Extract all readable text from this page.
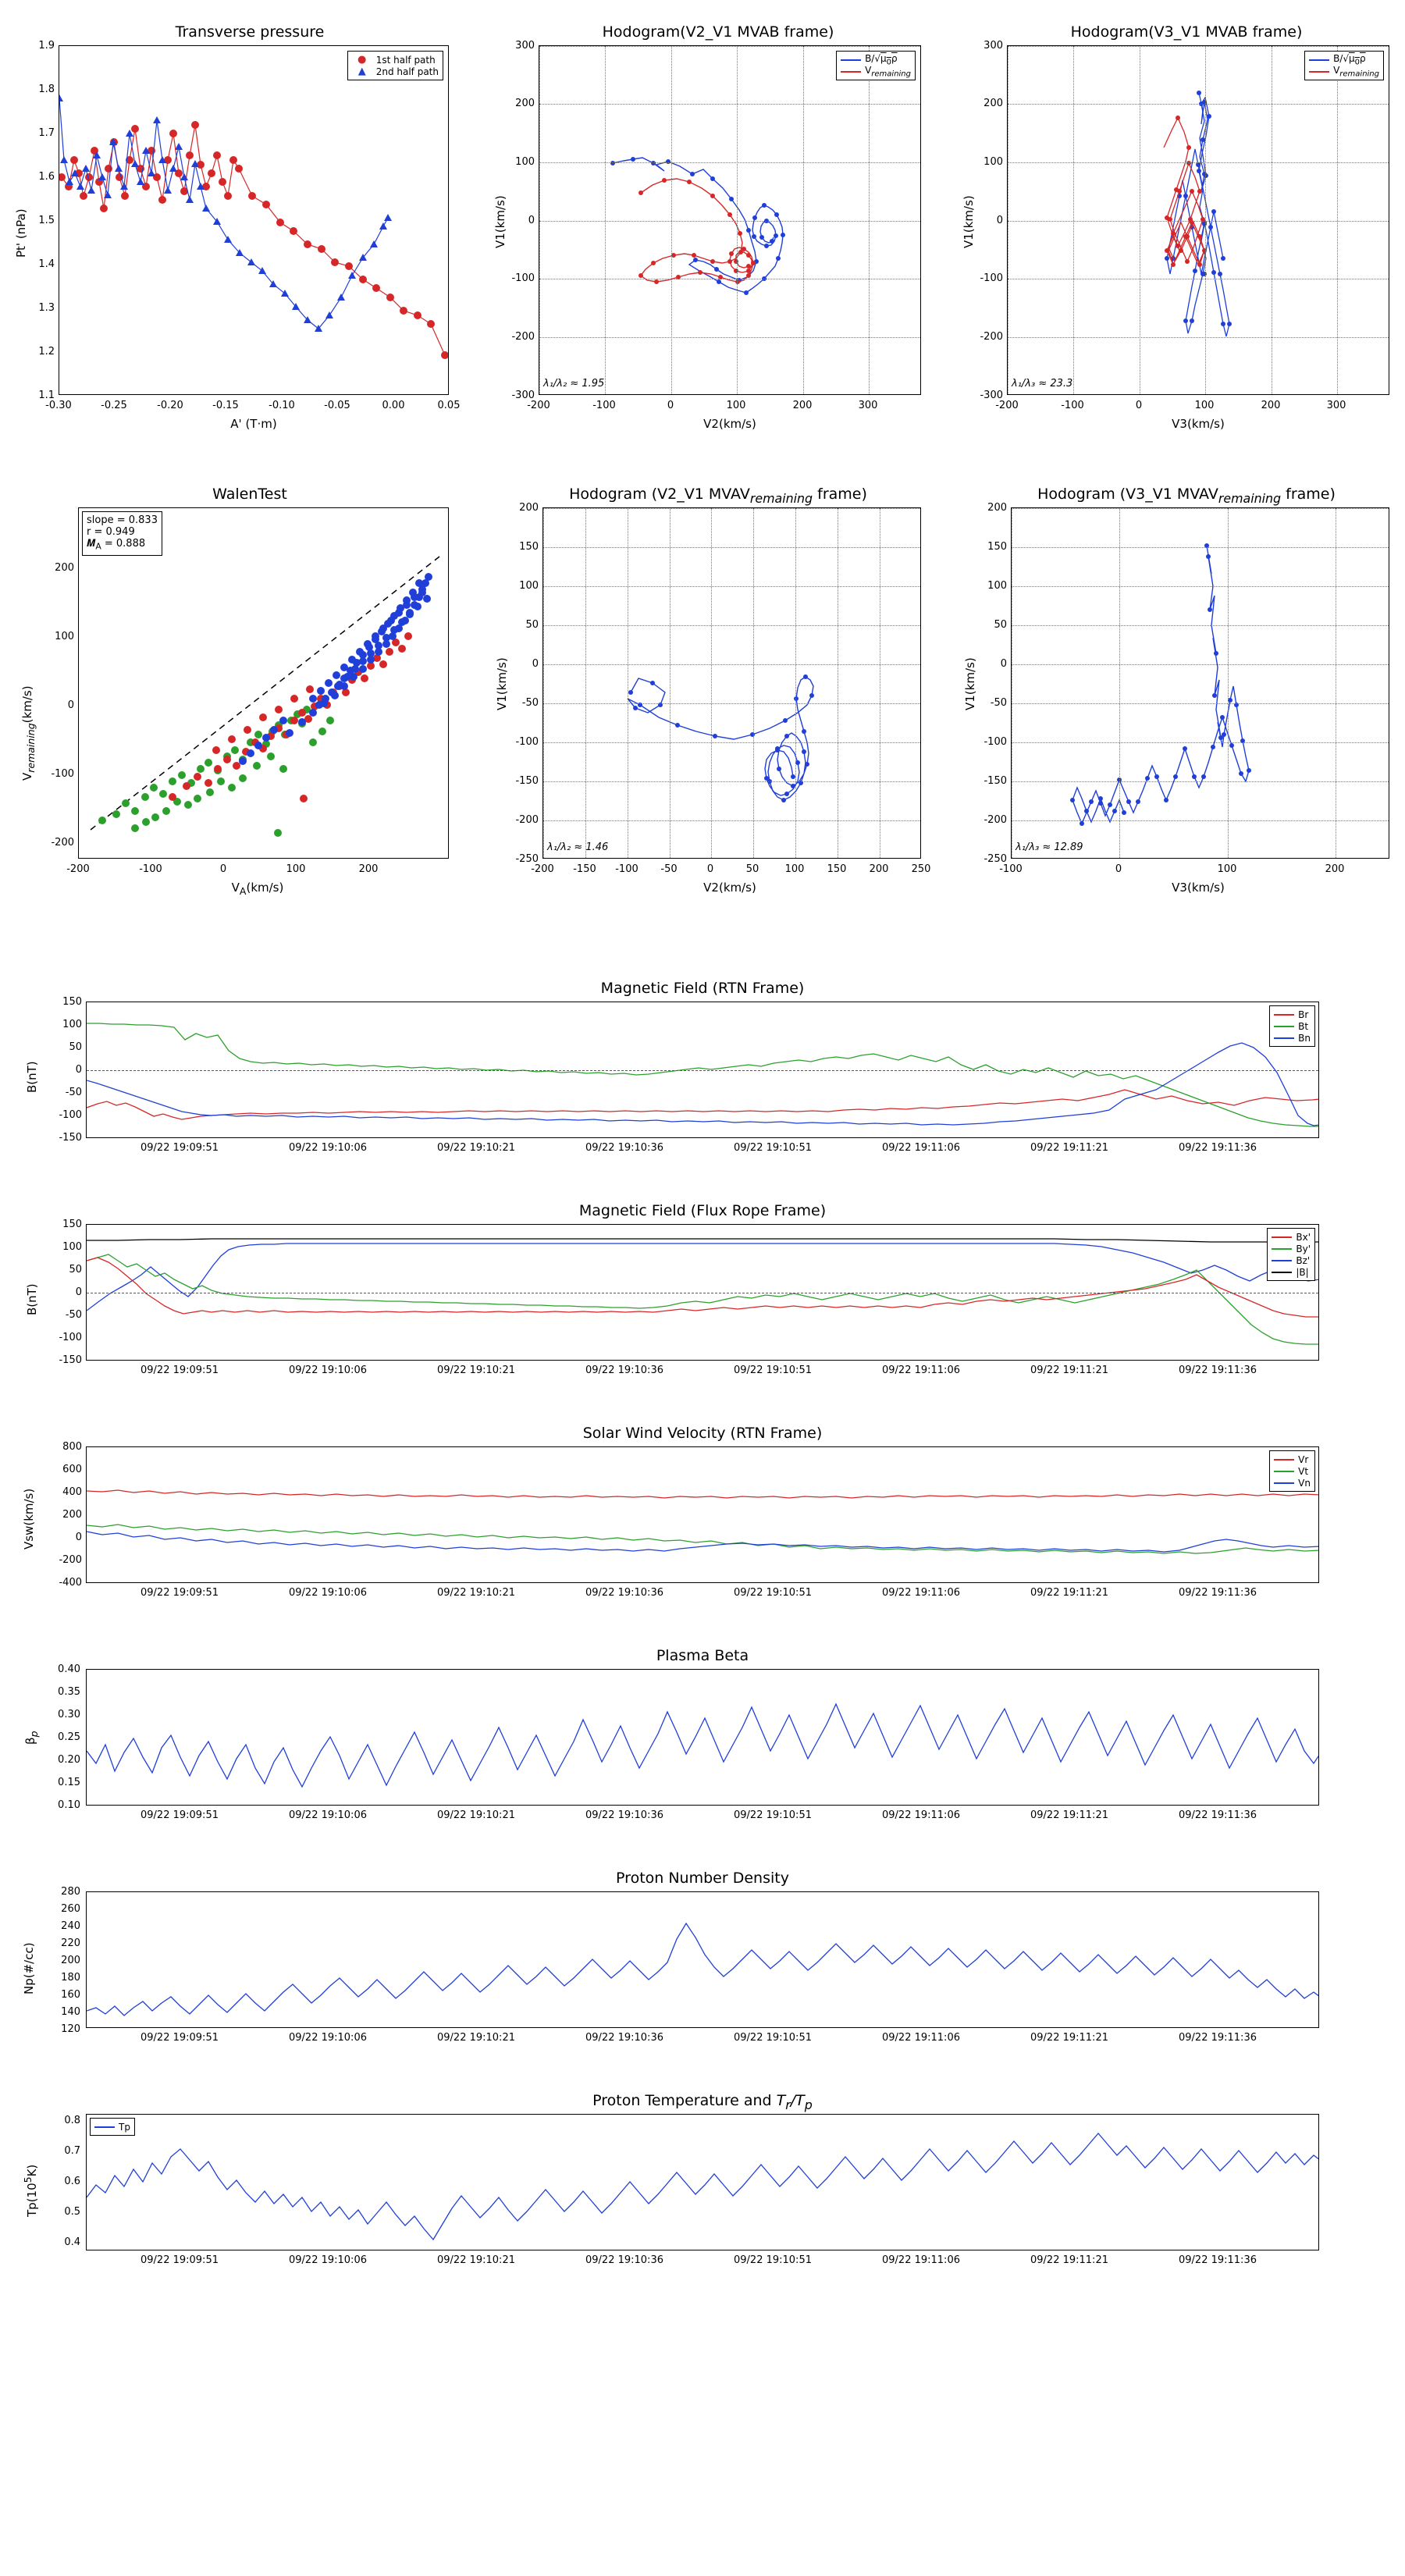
Transverse pressure
●	1st half path
▲	2nd half path
1.9
1.8
1.7
1.6
1.5
1.4
1.3
1.2
1.1
-0.30	-0.25	-0.20	-0.15	-0.10	-0.05	0.00	0.05
A' (T·m)
Pt' (nPa)
Hodogram(V2_V1 MVAB frame)
$B/√\mu_0\rho$
$V_{remaining}$
λ₁/λ₂ ≈ 1.95
300
200
100
0
-100
-200
-300
-200	-100	0	100	200	300
V2(km/s)
V1(km/s)
Hodogram(V3_V1 MVAB frame)
$B/√\mu_0\rho$
$V_{remaining}$
λ₁/λ₃ ≈ 23.3
300
200
100
0
-100
-200
-300
-200	-100	0	100	200	300
V3(km/s)
V1(km/s)
WalenTest
slope = 0.833
r = 0.949
𝑴$_A$ = 0.888
200
100
0
-100
-200
-200	-100	0	100	200
$V_A(km/s)$
$V_{remaining}(km/s)$
Hodogram (V2_V1 $MVAV_{remaining}$ frame)
λ₁/λ₂ ≈ 1.46
200
150
100
50
0
-50
-100
-150
-200
-250
-200	-150	-100	-50	0	50	100	150	200	250
V2(km/s)
V1(km/s)
Hodogram (V3_V1 $MVAV_{remaining}$ frame)
λ₁/λ₃ ≈ 12.89
200
150
100
50
0
-50
-100
-150
-200
-250
-100	0	100	200
V3(km/s)
V1(km/s)
Magnetic Field (RTN Frame)
Br
Bt
Bn
150
100
50
0
-50
-100
-150
B(nT)
09/22 19:09:51	09/22 19:10:06	09/22 19:10:21	09/22 19:10:36	09/22 19:10:51	09/22 19:11:06	09/22 19:11:21	09/22 19:11:36
Magnetic Field (Flux Rope Frame)
Bx'
By'
Bz'
|B|
150
100
50
0
-50
-100
-150
B(nT)
09/22 19:09:51	09/22 19:10:06	09/22 19:10:21	09/22 19:10:36	09/22 19:10:51	09/22 19:11:06	09/22 19:11:21	09/22 19:11:36
Solar Wind Velocity (RTN Frame)
Vr
Vt
Vn
800
600
400
200
0
-200
-400
Vsw(km/s)
09/22 19:09:51	09/22 19:10:06	09/22 19:10:21	09/22 19:10:36	09/22 19:10:51	09/22 19:11:06	09/22 19:11:21	09/22 19:11:36
Plasma Beta
0.40
0.35
0.30
0.25
0.20
0.15
0.10
$\beta_p$
09/22 19:09:51	09/22 19:10:06	09/22 19:10:21	09/22 19:10:36	09/22 19:10:51	09/22 19:11:06	09/22 19:11:21	09/22 19:11:36
Proton Number Density
280
260
240
220
200
180
160
140
120
Np(#/cc)
09/22 19:09:51	09/22 19:10:06	09/22 19:10:21	09/22 19:10:36	09/22 19:10:51	09/22 19:11:06	09/22 19:11:21	09/22 19:11:36
Proton Temperature and $T_r/T_p$
Tp
0.8
0.7
0.6
0.5
0.4
$Tp(10^5K)$
09/22 19:09:51	09/22 19:10:06	09/22 19:10:21	09/22 19:10:36	09/22 19:10:51	09/22 19:11:06	09/22 19:11:21	09/22 19:11:36
